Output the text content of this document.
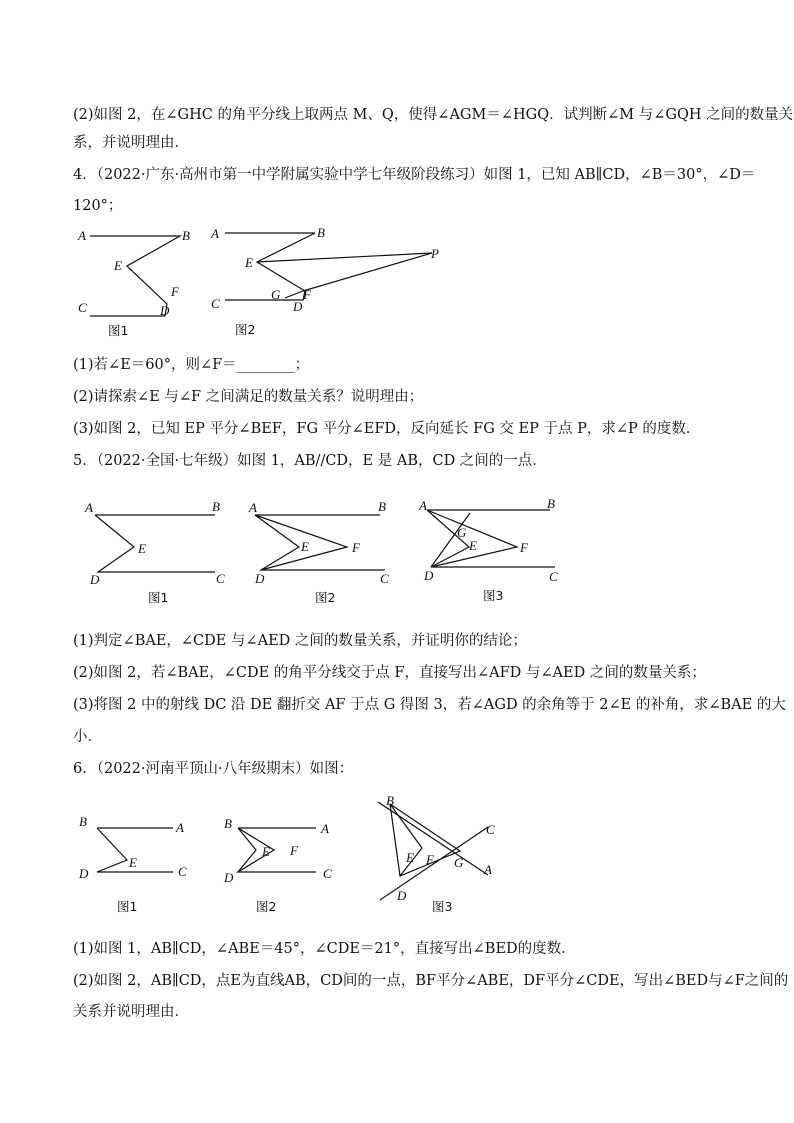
(2)如图 2，在∠GHC 的角平分线上取两点 M、Q，使得∠AGM＝∠HGQ．试判断∠M 与∠GQH 之间的数量关
系，并说明理由．
4．（2022·广东·高州市第一中学附属实验中学七年级阶段练习）如图 1，已知 AB∥CD，∠B＝30°，∠D＝
120°；
A	B
E
F
C	D
图1
A	B
E
P
G F
C	D
图2
(1)若∠E＝60°，则∠F＝________；
(2)请探索∠E 与∠F 之间满足的数量关系？说明理由；
(3)如图 2，已知 EP 平分∠BEF，FG 平分∠EFD，反向延长 FG 交 EP 于点 P，求∠P 的度数．
5．（2022·全国·七年级）如图 1，AB//CD，E 是 AB，CD 之间的一点．
A	B
E
D	C
图1
A	B
E	F
D	C
图2
A	B
G
E	F
D	C
图3
(1)判定∠BAE，∠CDE 与∠AED 之间的数量关系，并证明你的结论；
(2)如图 2，若∠BAE，∠CDE 的角平分线交于点 F，直接写出∠AFD 与∠AED 之间的数量关系；
(3)将图 2 中的射线 DC 沿 DE 翻折交 AF 于点 G 得图 3，若∠AGD 的余角等于 2∠E 的补角，求∠BAE 的大
小．
6．（2022·河南平顶山·八年级期末）如图：
B	A
E
D	C
图1
B	A
E F
D	C
图2
B
C
E F G A
D
图3
(1)如图 1，AB∥CD，∠ABE＝45°，∠CDE＝21°，直接写出∠BED的度数．
(2)如图 2，AB∥CD，点E为直线AB，CD间的一点，BF平分∠ABE，DF平分∠CDE，写出∠BED与∠F之间的
关系并说明理由．
